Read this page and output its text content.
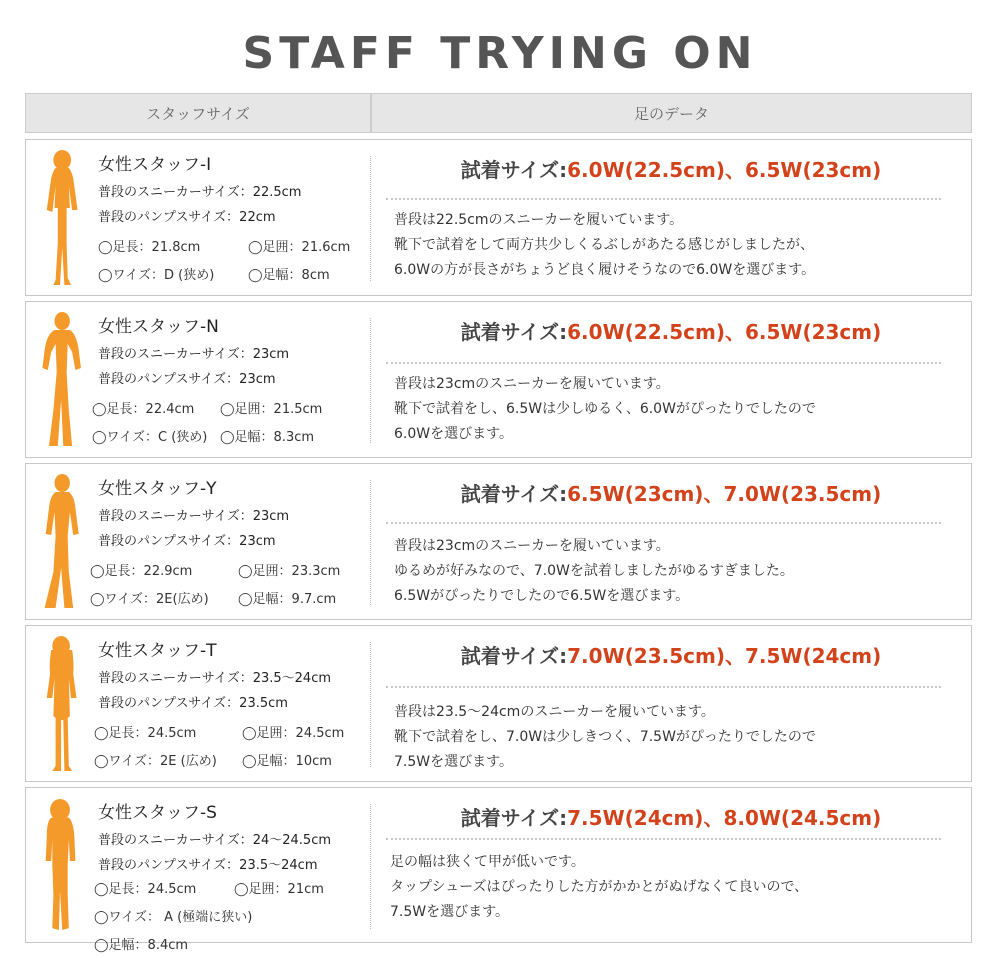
STAFF TRYING ON
スタッフサイズ	足のデータ
女性スタッフ-I
普段のスニーカーサイズ：22.5cm
普段のパンプスサイズ：22cm
◯足長：21.8cm	◯足囲：21.6cm
◯ワイズ：D (狭め)	◯足幅：8cm
試着サイズ:6.0W(22.5cm)、6.5W(23cm)
普段は22.5cmのスニーカーを履いています。
靴下で試着をして両方共少しくるぶしがあたる感じがしましたが、
6.0Wの方が長さがちょうど良く履けそうなので6.0Wを選びます。
女性スタッフ-N
普段のスニーカーサイズ：23cm
普段のパンプスサイズ：23cm
◯足長：22.4cm	◯足囲：21.5cm
◯ワイズ：C (狭め) ◯足幅：8.3cm
試着サイズ:6.0W(22.5cm)、6.5W(23cm)
普段は23cmのスニーカーを履いています。
靴下で試着をし、6.5Wは少しゆるく、6.0Wがぴったりでしたので
6.0Wを選びます。
女性スタッフ-Y
普段のスニーカーサイズ：23cm
普段のパンプスサイズ：23cm
◯足長：22.9cm	◯足囲：23.3cm
◯ワイズ：2E(広め)	◯足幅：9.7.cm
試着サイズ:6.5W(23cm)、7.0W(23.5cm)
普段は23cmのスニーカーを履いています。
ゆるめが好みなので、7.0Wを試着しましたがゆるすぎました。
6.5Wがぴったりでしたので6.5Wを選びます。
女性スタッフ-T
普段のスニーカーサイズ：23.5〜24cm
普段のパンプスサイズ：23.5cm
◯足長：24.5cm	◯足囲：24.5cm
◯ワイズ：2E (広め)	◯足幅：10cm
試着サイズ:7.0W(23.5cm)、7.5W(24cm)
普段は23.5〜24cmのスニーカーを履いています。
靴下で試着をし、7.0Wは少しきつく、7.5Wがぴったりでしたので
7.5Wを選びます。
女性スタッフ-S
普段のスニーカーサイズ：24〜24.5cm
普段のパンプスサイズ：23.5〜24cm
◯足長：24.5cm	◯足囲：21cm
◯ワイズ： A (極端に狭い)
◯足幅：8.4cm
試着サイズ:7.5W(24cm)、8.0W(24.5cm)
足の幅は狭くて甲が低いです。
タップシューズはぴったりした方がかかとがぬげなくて良いので、
7.5Wを選びます。
